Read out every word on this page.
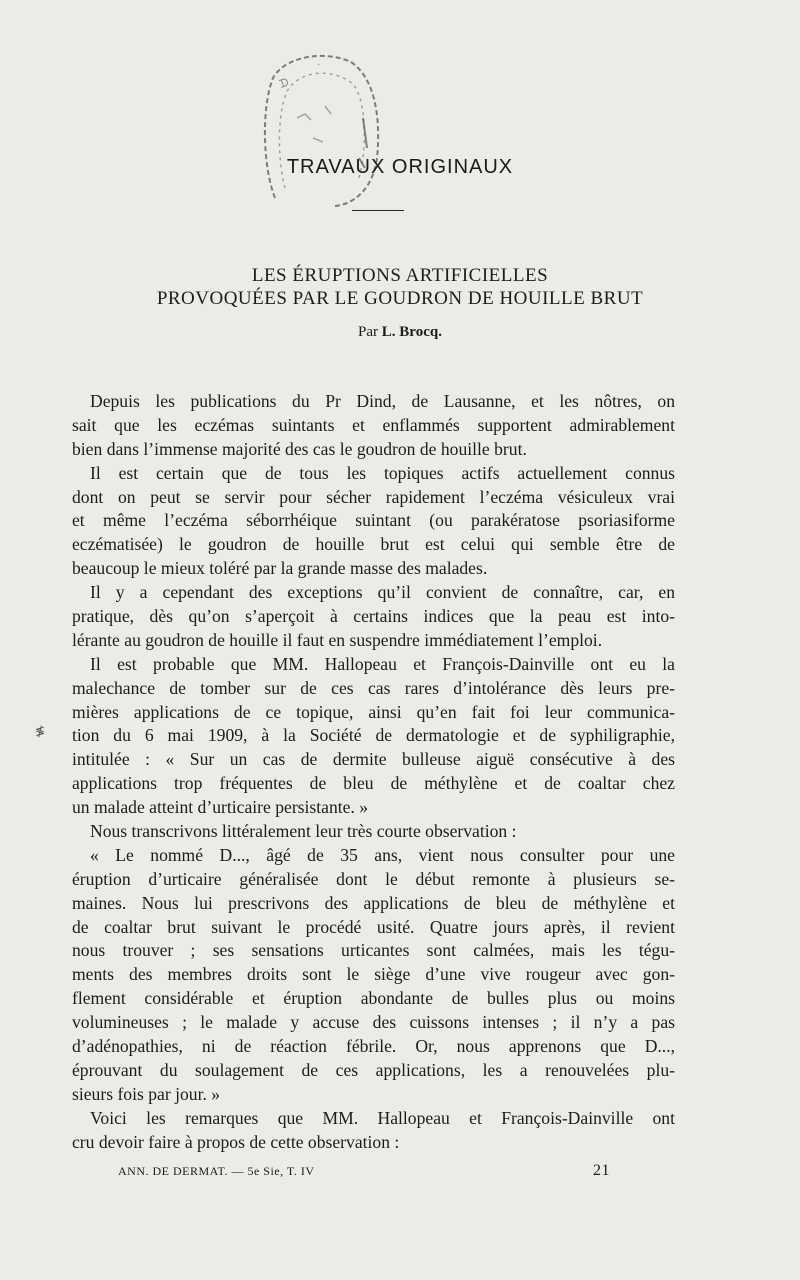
ᗪ
·
TRAVAUX ORIGINAUX
LES ÉRUPTIONS ARTIFICIELLES
PROVOQUÉES PAR LE GOUDRON DE HOUILLE BRUT
Par L. Brocq.
≸
Depuis les publications du Pr Dind, de Lausanne, et les nôtres, on
sait que les eczémas suintants et enflammés supportent admirablement
bien dans l’immense majorité des cas le goudron de houille brut.
Il est certain que de tous les topiques actifs actuellement connus
dont on peut se servir pour sécher rapidement l’eczéma vésiculeux vrai
et même l’eczéma séborrhéique suintant (ou parakératose psoriasiforme
eczématisée) le goudron de houille brut est celui qui semble être de
beaucoup le mieux toléré par la grande masse des malades.
Il y a cependant des exceptions qu’il convient de connaître, car, en
pratique, dès qu’on s’aperçoit à certains indices que la peau est into-
lérante au goudron de houille il faut en suspendre immédiatement l’emploi.
Il est probable que MM. Hallopeau et François-Dainville ont eu la
malechance de tomber sur de ces cas rares d’intolérance dès leurs pre-
mières applications de ce topique, ainsi qu’en fait foi leur communica-
tion du 6 mai 1909, à la Société de dermatologie et de syphiligraphie,
intitulée : « Sur un cas de dermite bulleuse aiguë consécutive à des
applications trop fréquentes de bleu de méthylène et de coaltar chez
un malade atteint d’urticaire persistante. »
Nous transcrivons littéralement leur très courte observation :
« Le nommé D..., âgé de 35 ans, vient nous consulter pour une
éruption d’urticaire généralisée dont le début remonte à plusieurs se-
maines. Nous lui prescrivons des applications de bleu de méthylène et
de coaltar brut suivant le procédé usité. Quatre jours après, il revient
nous trouver ; ses sensations urticantes sont calmées, mais les tégu-
ments des membres droits sont le siège d’une vive rougeur avec gon-
flement considérable et éruption abondante de bulles plus ou moins
volumineuses ; le malade y accuse des cuissons intenses ; il n’y a pas
d’adénopathies, ni de réaction fébrile. Or, nous apprenons que D...,
éprouvant du soulagement de ces applications, les a renouvelées plu-
sieurs fois par jour. »
Voici les remarques que MM. Hallopeau et François-Dainville ont
cru devoir faire à propos de cette observation :
ANN. DE DERMAT. — 5e Sie, T. IV	21
